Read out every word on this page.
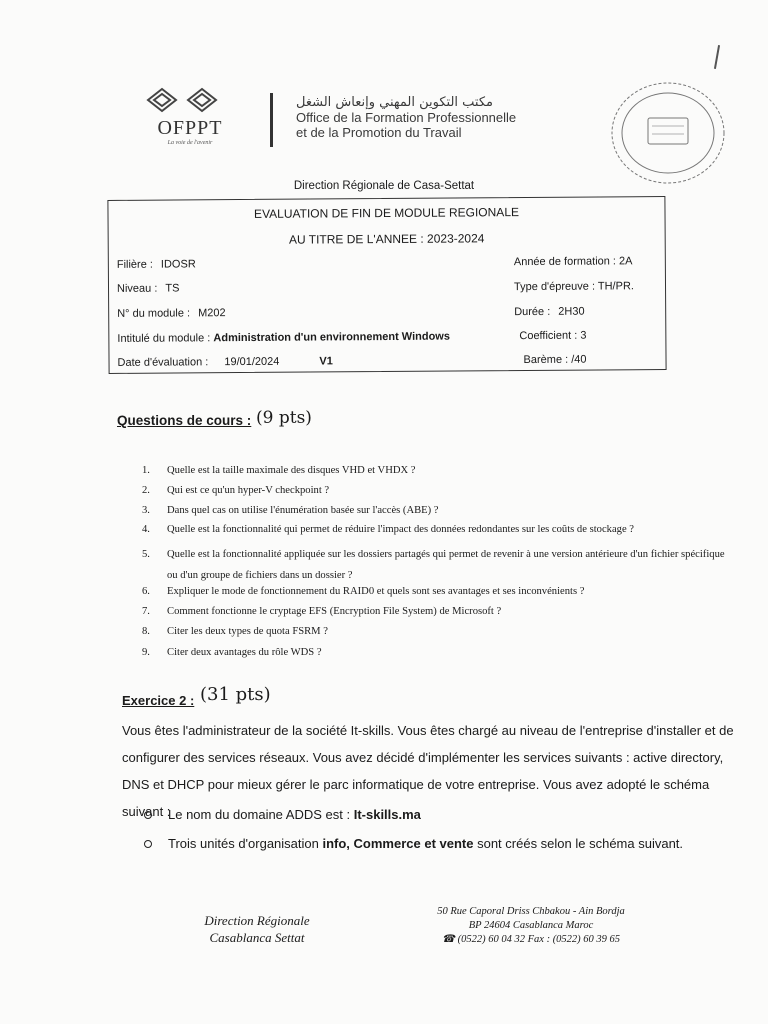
OFPPT
La voie de l'avenir
مكتب التكوين المهني وإنعاش الشغل
Office de la Formation Professionnelle
et de la Promotion du Travail
Direction Régionale de Casa-Settat
EVALUATION DE FIN DE MODULE REGIONALE
AU TITRE DE L'ANNEE : 2023-2024
Filière : IDOSR
Niveau : TS
N° du module : M202
Intitulé du module : Administration d'un environnement Windows
Date d'évaluation : 19/01/2024	V1
Année de formation : 2A
Type d'épreuve : TH/PR.
Durée : 2H30
Coefficient : 3
Barème : /40
Questions de cours : (9 pts)
1.	Quelle est la taille maximale des disques VHD et VHDX ?
2.	Qui est ce qu'un hyper-V checkpoint ?
3.	Dans quel cas on utilise l'énumération basée sur l'accès (ABE) ?
4.	Quelle est la fonctionnalité qui permet de réduire l'impact des données redondantes sur les coûts de stockage ?
5.	Quelle est la fonctionnalité appliquée sur les dossiers partagés qui permet de revenir à une version antérieure d'un fichier spécifique ou d'un groupe de fichiers dans un dossier ?
6.	Expliquer le mode de fonctionnement du RAID0 et quels sont ses avantages et ses inconvénients ?
7.	Comment fonctionne le cryptage EFS (Encryption File System) de Microsoft ?
8.	Citer les deux types de quota FSRM ?
9.	Citer deux avantages du rôle WDS ?
Exercice 2 : (31 pts)
Vous êtes l'administrateur de la société It-skills. Vous êtes chargé au niveau de l'entreprise d'installer et de configurer des services réseaux. Vous avez décidé d'implémenter les services suivants : active directory, DNS et DHCP pour mieux gérer le parc informatique de votre entreprise. Vous avez adopté le schéma suivant :
Le nom du domaine ADDS est : It-skills.ma
Trois unités d'organisation info, Commerce et vente sont créés selon le schéma suivant.
Direction Régionale
Casablanca Settat
50 Rue Caporal Driss Chbakou - Ain Bordja
BP 24604 Casablanca Maroc
☎ (0522) 60 04 32 Fax : (0522) 60 39 65
